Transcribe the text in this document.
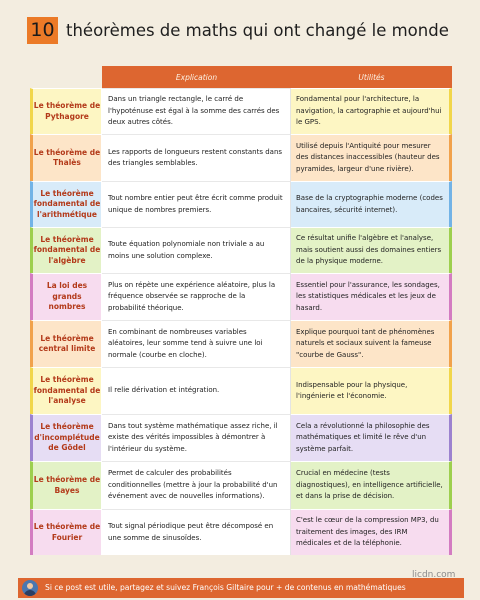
10 théorèmes de maths qui ont changé le monde
	Explication	Utilités
Le théorème de Pythagore	Dans un triangle rectangle, le carré de l'hypoténuse est égal à la somme des carrés des deux autres côtés.	Fondamental pour l'architecture, la navigation, la cartographie et aujourd'hui le GPS.
Le théorème de Thalès	Les rapports de longueurs restent constants dans des triangles semblables.	Utilisé depuis l'Antiquité pour mesurer des distances inaccessibles (hauteur des pyramides, largeur d'une rivière).
Le théorème fondamental de l'arithmétique	Tout nombre entier peut être écrit comme produit unique de nombres premiers.	Base de la cryptographie moderne (codes bancaires, sécurité internet).
Le théorème fondamental de l'algèbre	Toute équation polynomiale non triviale a au moins une solution complexe.	Ce résultat unifie l'algèbre et l'analyse, mais soutient aussi des domaines entiers de la physique moderne.
La loi des grands nombres	Plus on répète une expérience aléatoire, plus la fréquence observée se rapproche de la probabilité théorique.	Essentiel pour l'assurance, les sondages, les statistiques médicales et les jeux de hasard.
Le théorème central limite	En combinant de nombreuses variables aléatoires, leur somme tend à suivre une loi normale (courbe en cloche).	Explique pourquoi tant de phénomènes naturels et sociaux suivent la fameuse "courbe de Gauss".
Le théorème fondamental de l'analyse	Il relie dérivation et intégration.	Indispensable pour la physique, l'ingénierie et l'économie.
Le théorème d'incomplétude de Gödel	Dans tout système mathématique assez riche, il existe des vérités impossibles à démontrer à l'intérieur du système.	Cela a révolutionné la philosophie des mathématiques et limité le rêve d'un système parfait.
Le théorème de Bayes	Permet de calculer des probabilités conditionnelles (mettre à jour la probabilité d'un événement avec de nouvelles informations).	Crucial en médecine (tests diagnostiques), en intelligence artificielle, et dans la prise de décision.
Le théorème de Fourier	Tout signal périodique peut être décomposé en une somme de sinusoïdes.	C'est le cœur de la compression MP3, du traitement des images, des IRM médicales et de la téléphonie.
Si ce post est utile, partagez et suivez François Giltaire pour + de contenus en mathématiques
licdn.com
